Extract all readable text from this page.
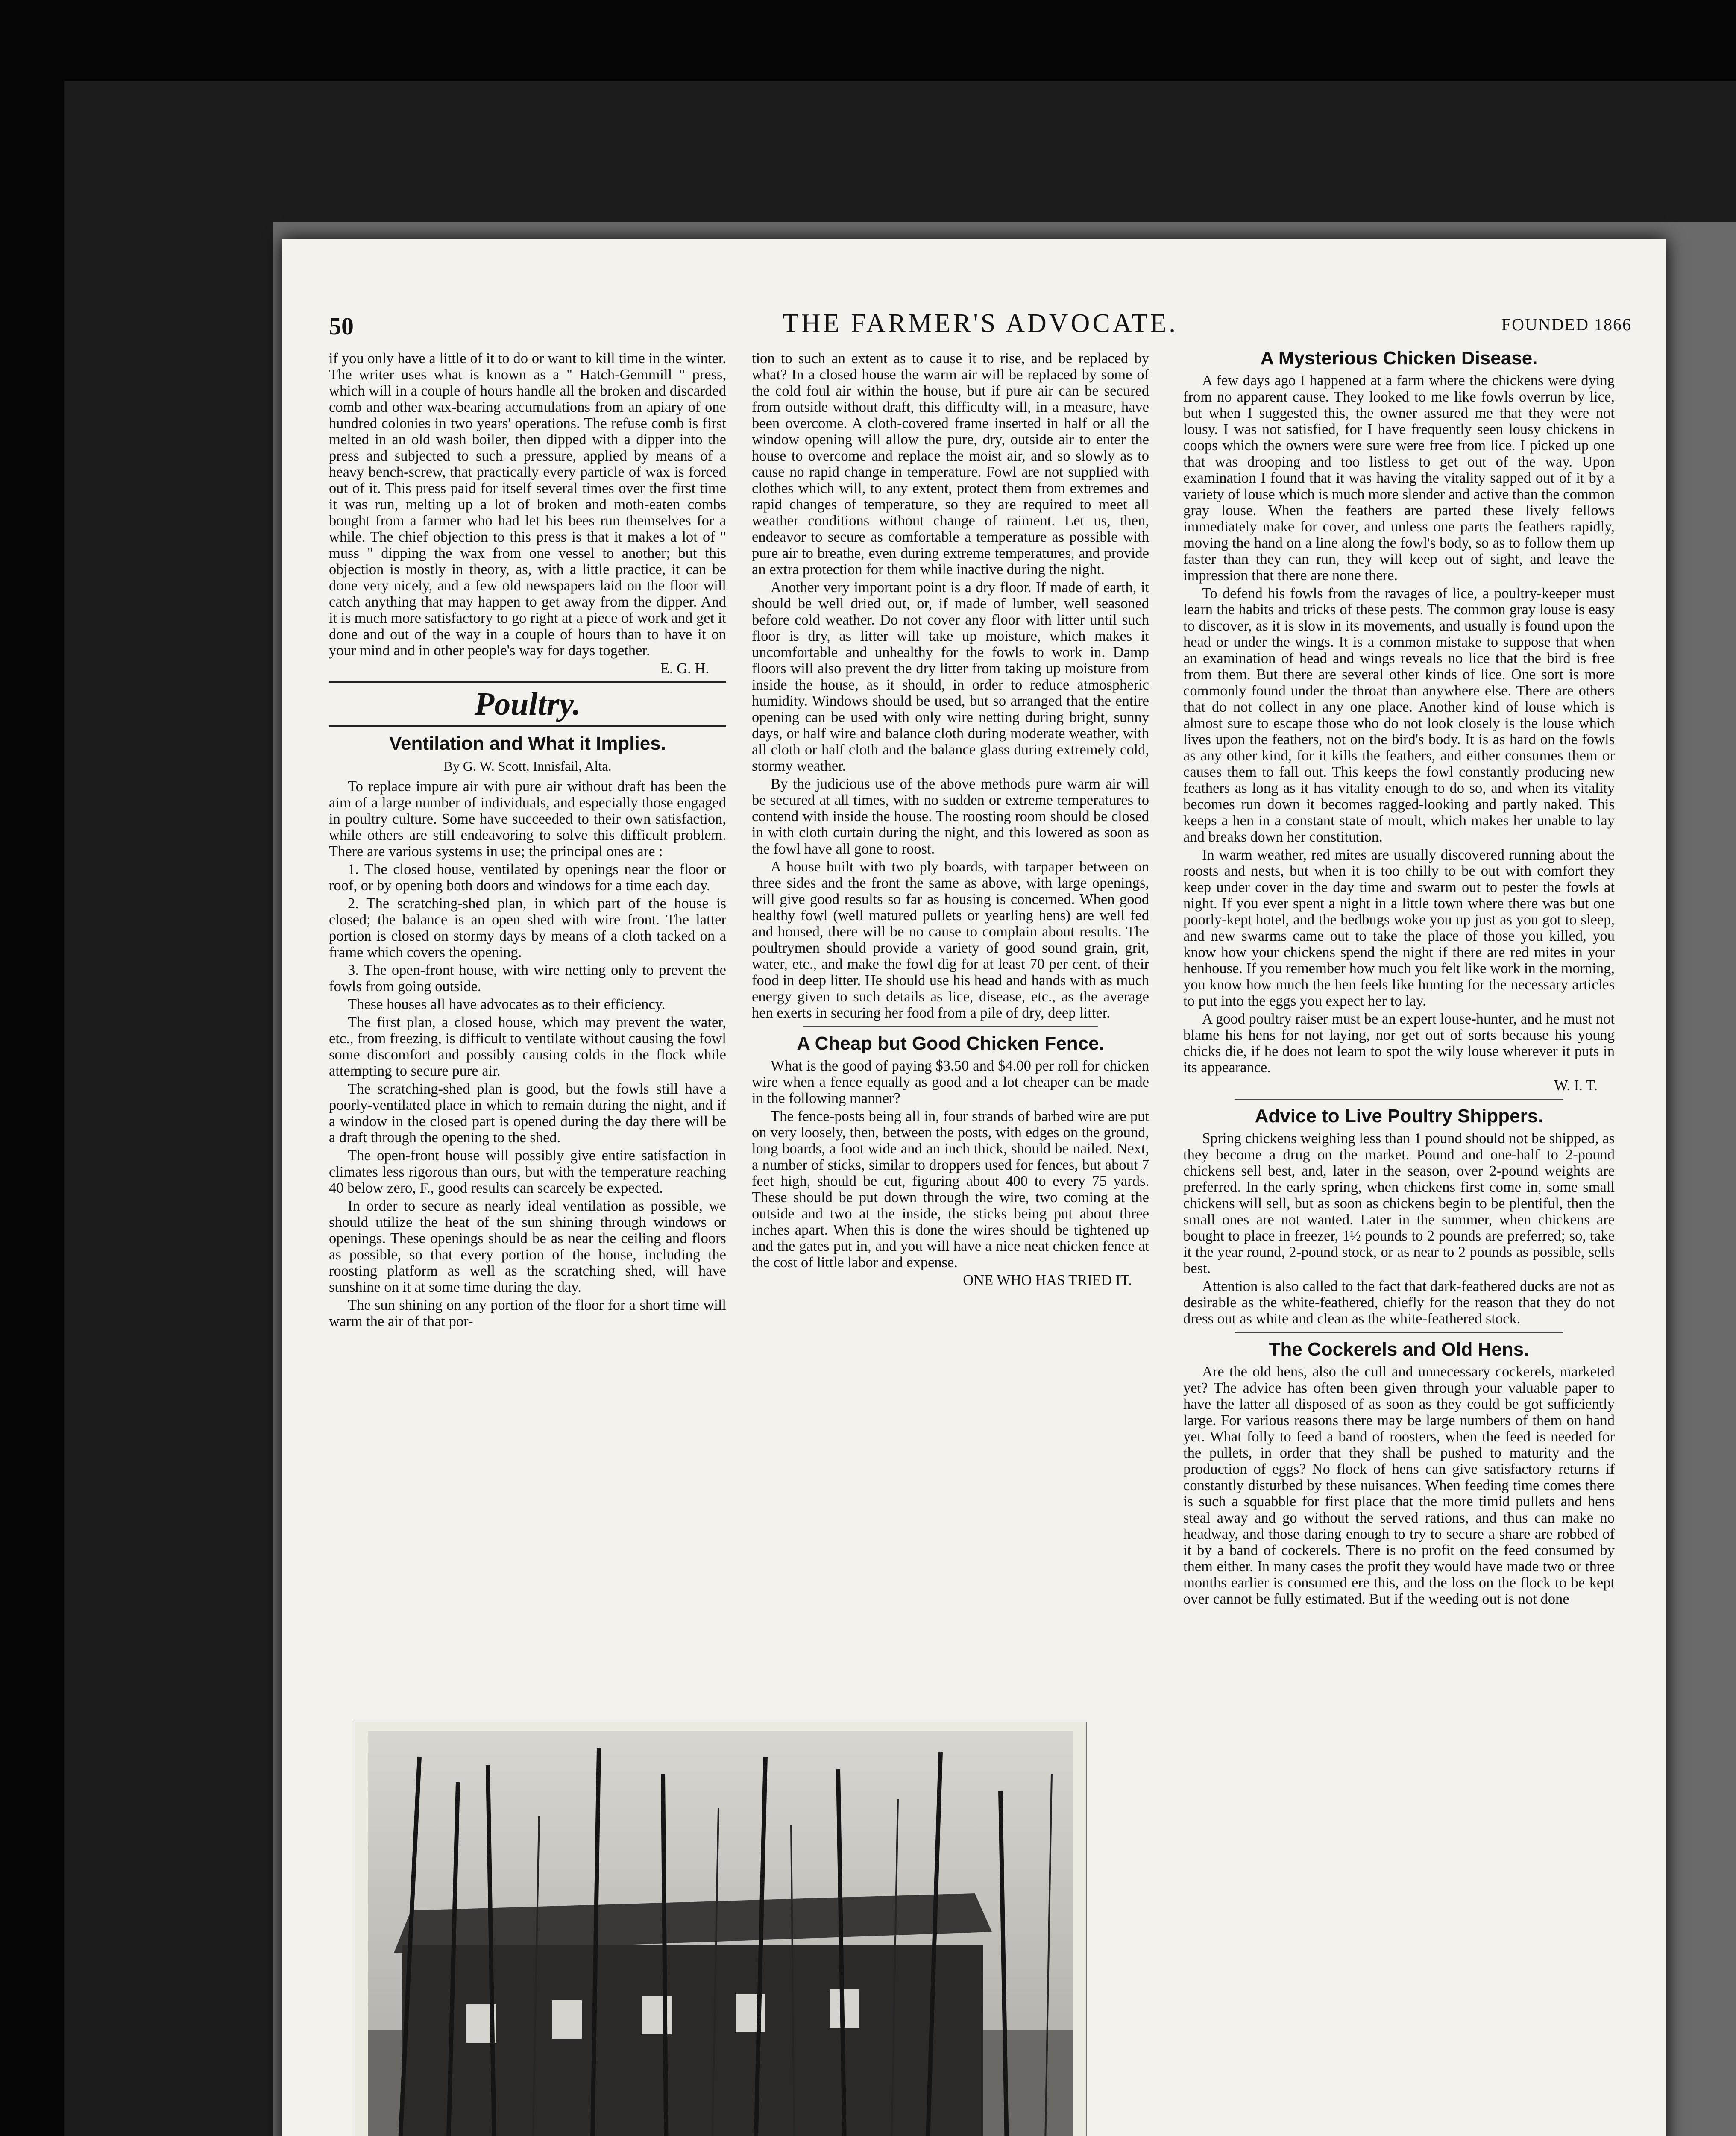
50	THE FARMER'S ADVOCATE.	FOUNDED 1866

if you only have a little of it to do or want to kill time in the winter. The writer uses what is known as a " Hatch-Gemmill " press, which will in a couple of hours handle all the broken and discarded comb and other wax-bearing accumulations from an apiary of one hundred colonies in two years' operations. The refuse comb is first melted in an old wash boiler, then dipped with a dipper into the press and subjected to such a pressure, applied by means of a heavy bench-screw, that practically every particle of wax is forced out of it. This press paid for itself several times over the first time it was run, melting up a lot of broken and moth-eaten combs bought from a farmer who had let his bees run themselves for a while. The chief objection to this press is that it makes a lot of " muss " dipping the wax from one vessel to another; but this objection is mostly in theory, as, with a little practice, it can be done very nicely, and a few old newspapers laid on the floor will catch anything that may happen to get away from the dipper. And it is much more satisfactory to go right at a piece of work and get it done and out of the way in a couple of hours than to have it on your mind and in other people's way for days together.

E. G. H.
Poultry.
Ventilation and What it Implies.
By G. W. Scott, Innisfail, Alta.

To replace impure air with pure air without draft has been the aim of a large number of individuals, and especially those engaged in poultry culture. Some have succeeded to their own satisfaction, while others are still endeavoring to solve this difficult problem. There are various systems in use; the principal ones are :

1. The closed house, ventilated by openings near the floor or roof, or by opening both doors and windows for a time each day.

2. The scratching-shed plan, in which part of the house is closed; the balance is an open shed with wire front. The latter portion is closed on stormy days by means of a cloth tacked on a frame which covers the opening.

3. The open-front house, with wire netting only to prevent the fowls from going outside.

These houses all have advocates as to their efficiency.

The first plan, a closed house, which may prevent the water, etc., from freezing, is difficult to ventilate without causing the fowl some discomfort and possibly causing colds in the flock while attempting to secure pure air.

The scratching-shed plan is good, but the fowls still have a poorly-ventilated place in which to remain during the night, and if a window in the closed part is opened during the day there will be a draft through the opening to the shed.

The open-front house will possibly give entire satisfaction in climates less rigorous than ours, but with the temperature reaching 40 below zero, F., good results can scarcely be expected.

In order to secure as nearly ideal ventilation as possible, we should utilize the heat of the sun shining through windows or openings. These openings should be as near the ceiling and floors as possible, so that every portion of the house, including the roosting platform as well as the scratching shed, will have sunshine on it at some time during the day.

The sun shining on any portion of the floor for a short time will warm the air of that por-

tion to such an extent as to cause it to rise, and be replaced by what? In a closed house the warm air will be replaced by some of the cold foul air within the house, but if pure air can be secured from outside without draft, this difficulty will, in a measure, have been overcome. A cloth-covered frame inserted in half or all the window opening will allow the pure, dry, outside air to enter the house to overcome and replace the moist air, and so slowly as to cause no rapid change in temperature. Fowl are not supplied with clothes which will, to any extent, protect them from extremes and rapid changes of temperature, so they are required to meet all weather conditions without change of raiment. Let us, then, endeavor to secure as comfortable a temperature as possible with pure air to breathe, even during extreme temperatures, and provide an extra protection for them while inactive during the night.

Another very important point is a dry floor. If made of earth, it should be well dried out, or, if made of lumber, well seasoned before cold weather. Do not cover any floor with litter until such floor is dry, as litter will take up moisture, which makes it uncomfortable and unhealthy for the fowls to work in. Damp floors will also prevent the dry litter from taking up moisture from inside the house, as it should, in order to reduce atmospheric humidity. Windows should be used, but so arranged that the entire opening can be used with only wire netting during bright, sunny days, or half wire and balance cloth during moderate weather, with all cloth or half cloth and the balance glass during extremely cold, stormy weather.

By the judicious use of the above methods pure warm air will be secured at all times, with no sudden or extreme temperatures to contend with inside the house. The roosting room should be closed in with cloth curtain during the night, and this lowered as soon as the fowl have all gone to roost.

A house built with two ply boards, with tarpaper between on three sides and the front the same as above, with large openings, will give good results so far as housing is concerned. When good healthy fowl (well matured pullets or yearling hens) are well fed and housed, there will be no cause to complain about results. The poultrymen should provide a variety of good sound grain, grit, water, etc., and make the fowl dig for at least 70 per cent. of their food in deep litter. He should use his head and hands with as much energy given to such details as lice, disease, etc., as the average hen exerts in securing her food from a pile of dry, deep litter.

A Cheap but Good Chicken Fence.

What is the good of paying $3.50 and $4.00 per roll for chicken wire when a fence equally as good and a lot cheaper can be made in the following manner?

The fence-posts being all in, four strands of barbed wire are put on very loosely, then, between the posts, with edges on the ground, long boards, a foot wide and an inch thick, should be nailed. Next, a number of sticks, similar to droppers used for fences, but about 7 feet high, should be cut, figuring about 400 to every 75 yards. These should be put down through the wire, two coming at the outside and two at the inside, the sticks being put about three inches apart. When this is done the wires should be tightened up and the gates put in, and you will have a nice neat chicken fence at the cost of little labor and expense.

ONE WHO HAS TRIED IT.
A Mysterious Chicken Disease.

A few days ago I happened at a farm where the chickens were dying from no apparent cause. They looked to me like fowls overrun by lice, but when I suggested this, the owner assured me that they were not lousy. I was not satisfied, for I have frequently seen lousy chickens in coops which the owners were sure were free from lice. I picked up one that was drooping and too listless to get out of the way. Upon examination I found that it was having the vitality sapped out of it by a variety of louse which is much more slender and active than the common gray louse. When the feathers are parted these lively fellows immediately make for cover, and unless one parts the feathers rapidly, moving the hand on a line along the fowl's body, so as to follow them up faster than they can run, they will keep out of sight, and leave the impression that there are none there.

To defend his fowls from the ravages of lice, a poultry-keeper must learn the habits and tricks of these pests. The common gray louse is easy to discover, as it is slow in its movements, and usually is found upon the head or under the wings. It is a common mistake to suppose that when an examination of head and wings reveals no lice that the bird is free from them. But there are several other kinds of lice. One sort is more commonly found under the throat than anywhere else. There are others that do not collect in any one place. Another kind of louse which is almost sure to escape those who do not look closely is the louse which lives upon the feathers, not on the bird's body. It is as hard on the fowls as any other kind, for it kills the feathers, and either consumes them or causes them to fall out. This keeps the fowl constantly producing new feathers as long as it has vitality enough to do so, and when its vitality becomes run down it becomes ragged-looking and partly naked. This keeps a hen in a constant state of moult, which makes her unable to lay and breaks down her constitution.

In warm weather, red mites are usually discovered running about the roosts and nests, but when it is too chilly to be out with comfort they keep under cover in the day time and swarm out to pester the fowls at night. If you ever spent a night in a little town where there was but one poorly-kept hotel, and the bedbugs woke you up just as you got to sleep, and new swarms came out to take the place of those you killed, you know how your chickens spend the night if there are red mites in your henhouse. If you remember how much you felt like work in the morning, you know how much the hen feels like hunting for the necessary articles to put into the eggs you expect her to lay.

A good poultry raiser must be an expert louse-hunter, and he must not blame his hens for not laying, nor get out of sorts because his young chicks die, if he does not learn to spot the wily louse wherever it puts in its appearance.

W. I. T.
Advice to Live Poultry Shippers.

Spring chickens weighing less than 1 pound should not be shipped, as they become a drug on the market. Pound and one-half to 2-pound chickens sell best, and, later in the season, over 2-pound weights are preferred. In the early spring, when chickens first come in, some small chickens will sell, but as soon as chickens begin to be plentiful, then the small ones are not wanted. Later in the summer, when chickens are bought to place in freezer, 1½ pounds to 2 pounds are preferred; so, take it the year round, 2-pound stock, or as near to 2 pounds as possible, sells best.

Attention is also called to the fact that dark-feathered ducks are not as desirable as the white-feathered, chiefly for the reason that they do not dress out as white and clean as the white-feathered stock.

The Cockerels and Old Hens.

Are the old hens, also the cull and unnecessary cockerels, marketed yet? The advice has often been given through your valuable paper to have the latter all disposed of as soon as they could be got sufficiently large. For various reasons there may be large numbers of them on hand yet. What folly to feed a band of roosters, when the feed is needed for the pullets, in order that they shall be pushed to maturity and the production of eggs? No flock of hens can give satisfactory returns if constantly disturbed by these nuisances. When feeding time comes there is such a squabble for first place that the more timid pullets and hens steal away and go without the served rations, and thus can make no headway, and those daring enough to try to secure a share are robbed of it by a band of cockerels. There is no profit on the feed consumed by them either. In many cases the profit they would have made two or three months earlier is consumed ere this, and the loss on the flock to be kept over cannot be fully estimated. But if the weeding out is not done
